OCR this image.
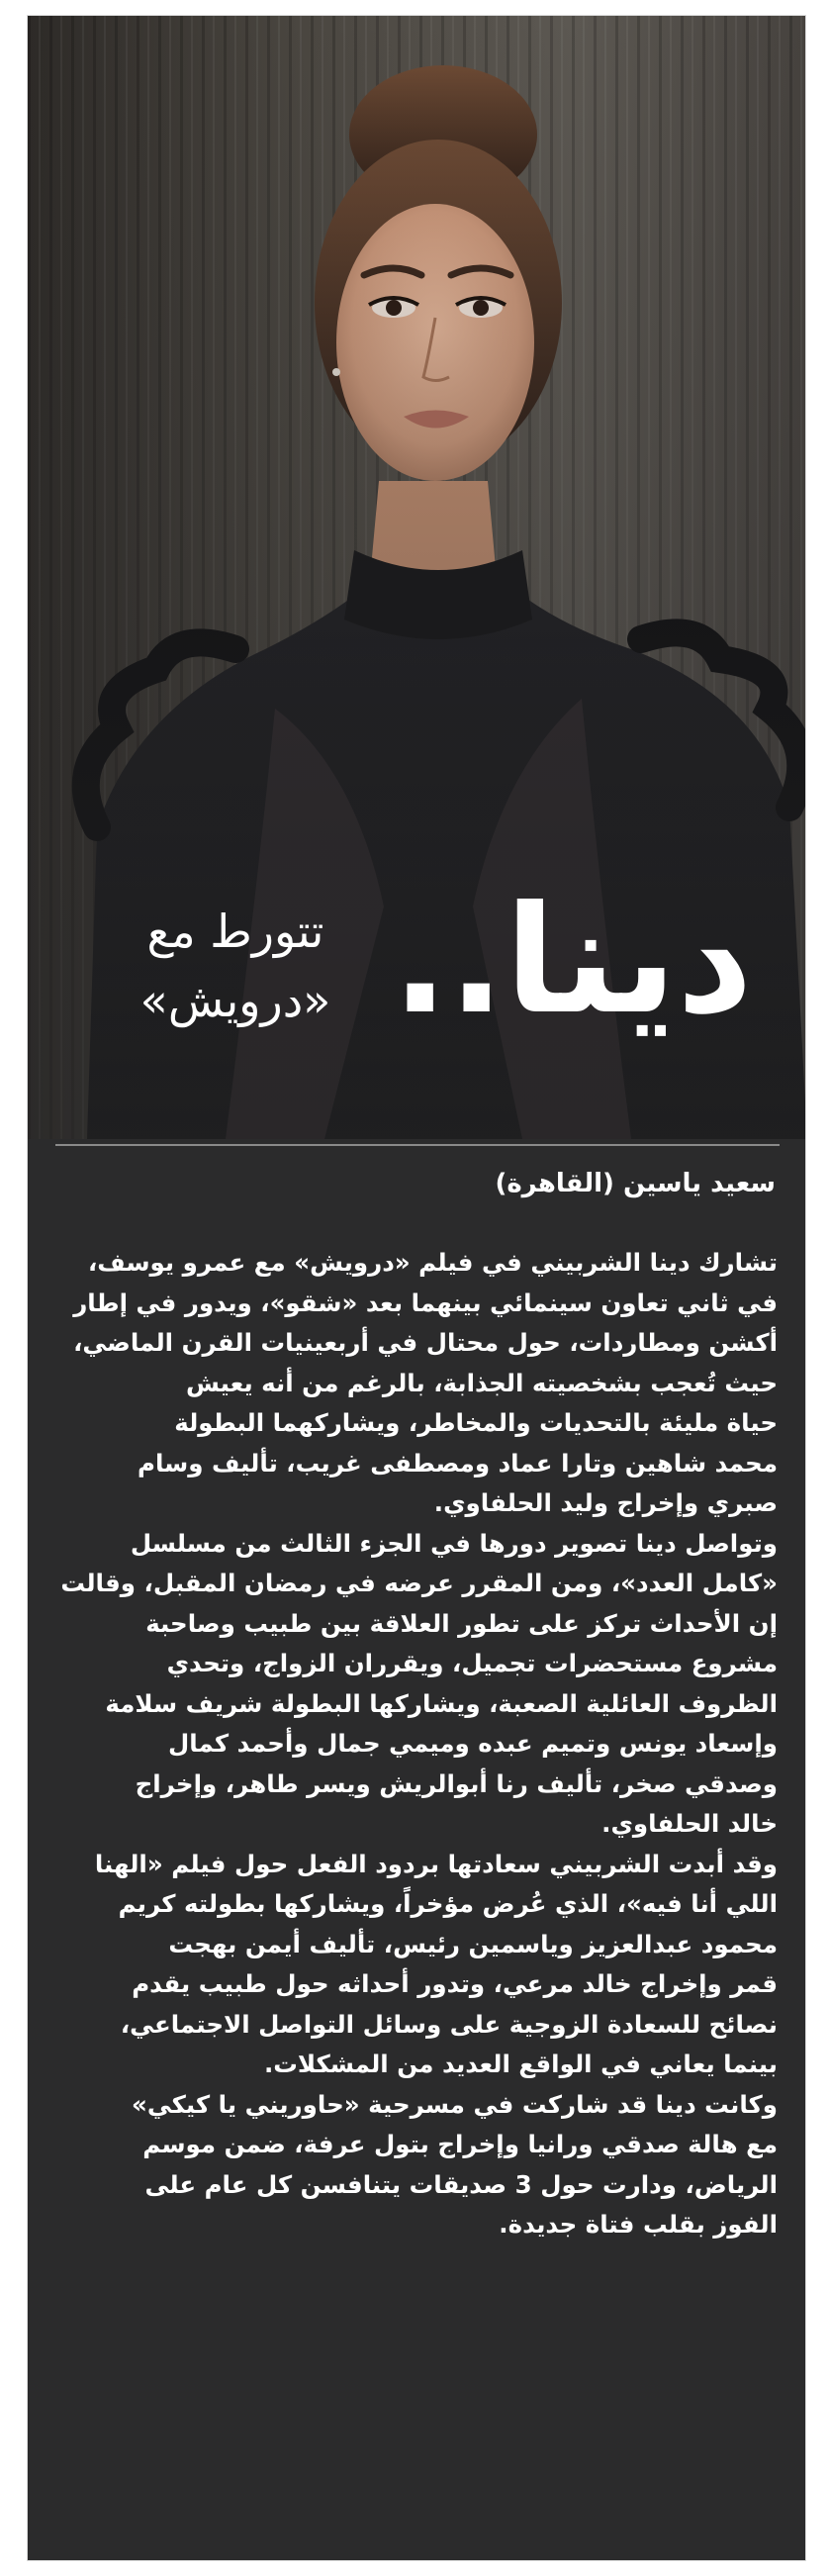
دينا..
تتورط مع
«درويش»
سعيد ياسين (القاهرة)

تشارك دينا الشربيني في فيلم «درويش» مع عمرو يوسف،

في ثاني تعاون سينمائي بينهما بعد «شقو»، ويدور في إطار

أكشن ومطاردات، حول محتال في أربعينيات القرن الماضي،

حيث تُعجب بشخصيته الجذابة، بالرغم من أنه يعيش

حياة مليئة بالتحديات والمخاطر، ويشاركهما البطولة

محمد شاهين وتارا عماد ومصطفى غريب، تأليف وسام

صبري وإخراج وليد الحلفاوي.

وتواصل دينا تصوير دورها في الجزء الثالث من مسلسل

«كامل العدد»، ومن المقرر عرضه في رمضان المقبل، وقالت

إن الأحداث تركز على تطور العلاقة بين طبيب وصاحبة

مشروع مستحضرات تجميل، ويقرران الزواج، وتحدي

الظروف العائلية الصعبة، ويشاركها البطولة شريف سلامة

وإسعاد يونس وتميم عبده وميمي جمال وأحمد كمال

وصدقي صخر، تأليف رنا أبوالريش ويسر طاهر، وإخراج

خالد الحلفاوي.

وقد أبدت الشربيني سعادتها بردود الفعل حول فيلم «الهنا

اللي أنا فيه»، الذي عُرض مؤخراً، ويشاركها بطولته كريم

محمود عبدالعزيز وياسمين رئيس، تأليف أيمن بهجت

قمر وإخراج خالد مرعي، وتدور أحداثه حول طبيب يقدم

نصائح للسعادة الزوجية على وسائل التواصل الاجتماعي،

بينما يعاني في الواقع العديد من المشكلات.

وكانت دينا قد شاركت في مسرحية «حاوريني يا كيكي»

مع هالة صدقي ورانيا وإخراج بتول عرفة، ضمن موسم

الرياض، ودارت حول 3 صديقات يتنافسن كل عام على

الفوز بقلب فتاة جديدة.
